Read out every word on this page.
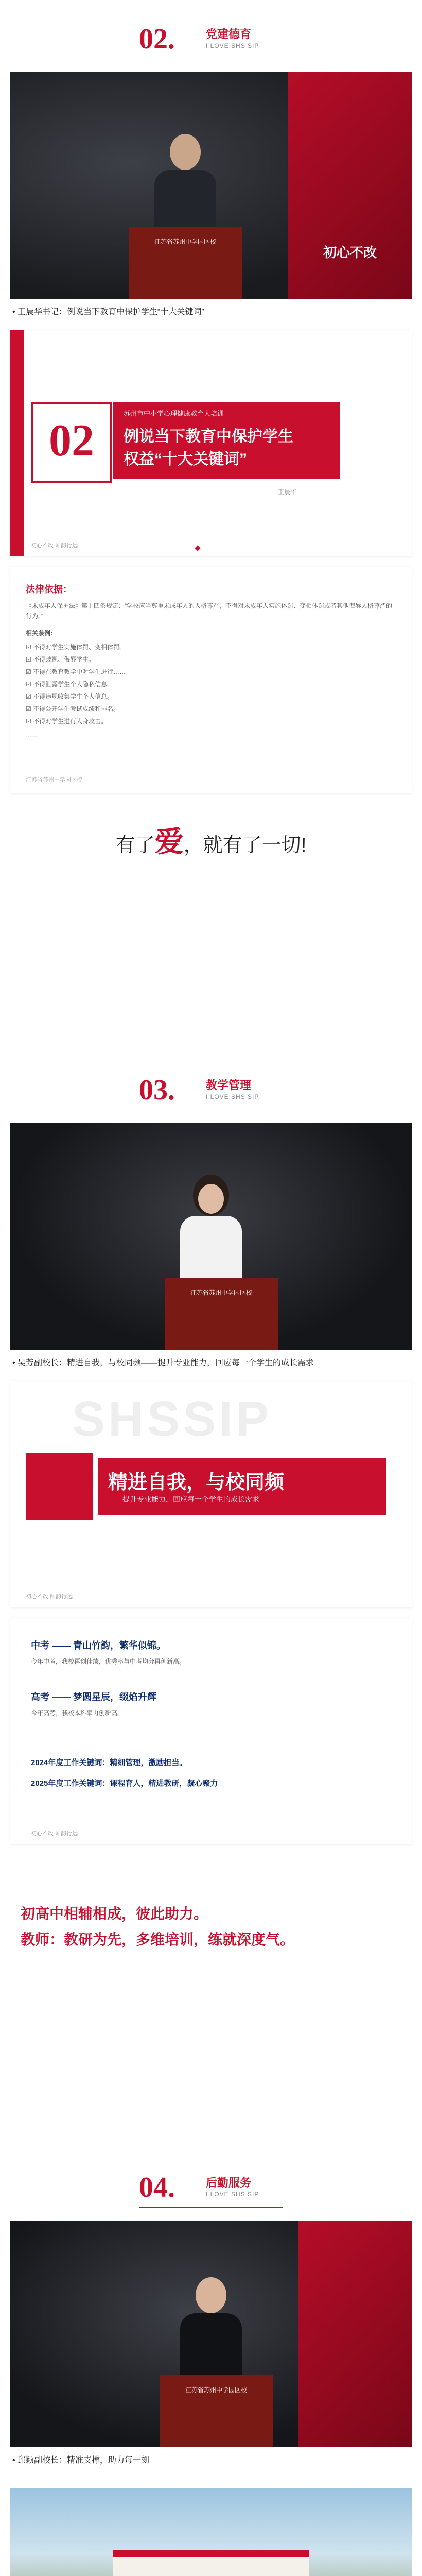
02.	党建德育
I LOVE SHS SIP
江苏省苏州中学园区校
初心不改
• 王晨华书记：例说当下教育中保护学生“十大关键词”
02
苏州市中小学心理健康教育大培训
例说当下教育中保护学生
权益“十大关键词”
王晨华
初心不改 师韵行远
法律依据：
《未成年人保护法》第十四条规定：“学校应当尊重未成年人的人格尊严，不得对未成年人实施体罚、变相体罚或者其他侮辱人格尊严的行为。”
相关条例：
☑ 不得对学生实施体罚、变相体罚。
☑ 不得歧视、侮辱学生。
☑ 不得在教育教学中对学生进行……
☑ 不得泄露学生个人隐私信息。
☑ 不得违规收集学生个人信息。
☑ 不得公开学生考试成绩和排名。
☑ 不得对学生进行人身攻击。
……
江苏省苏州中学园区校
有了爱，就有了一切!
03.	教学管理
I LOVE SHS SIP
江苏省苏州中学园区校
• 吴芳副校长：精进自我，与校同频——提升专业能力，回应每一个学生的成长需求
SHSSIP
精进自我，与校同频
——提升专业能力，回应每一个学生的成长需求
初心不改 师韵行远
中考 —— 青山竹韵，繁华似锦。
今年中考，我校再创佳绩，优秀率与中考均分再创新高。
高考 —— 梦圆星辰，缀焰升辉
今年高考，我校本科率再创新高。
2024年度工作关键词：精细管理，激励担当。
2025年度工作关键词：课程育人，精进教研，凝心聚力
初心不改 师韵行远
初高中相辅相成，彼此助力。
教师：教研为先，多维培训，练就深度气。
04.	后勤服务
I LOVE SHS SIP
江苏省苏州中学园区校
• 邱颖副校长：精准支撑，助力每一刻
